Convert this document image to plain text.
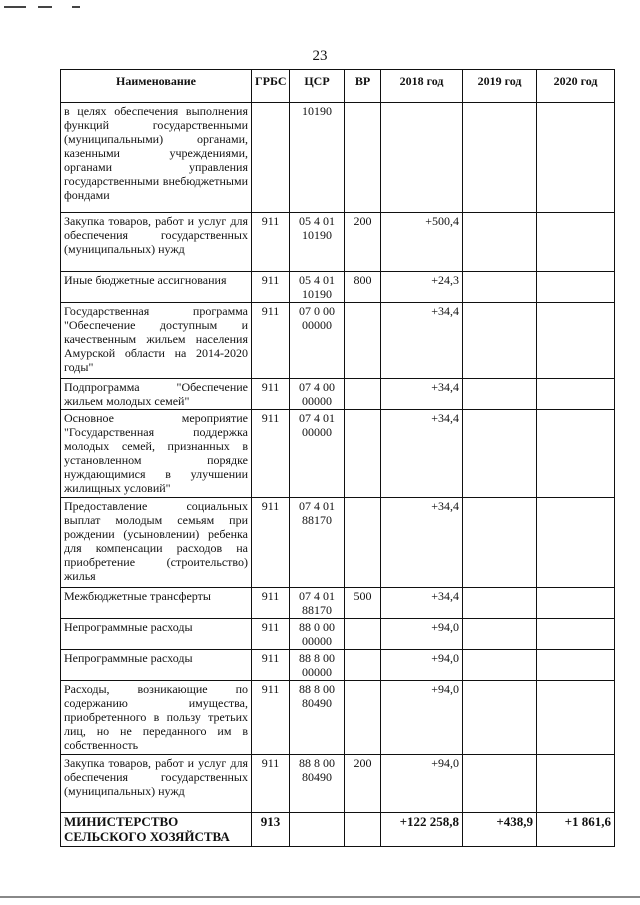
23
Наименование	ГРБС	ЦСР	ВР	2018 год	2019 год	2020 год
в целях обеспечения выполнения функций государственными (муниципальными) органами, казенными учреждениями, органами управления государственными внебюджетными фондами		10190				
Закупка товаров, работ и услуг для обеспечения государственных (муниципальных) нужд	911	05 4 01 10190	200	+500,4		
Иные бюджетные ассигнования	911	05 4 01 10190	800	+24,3		
Государственная программа "Обеспечение доступным и качественным жильем населения Амурской области на 2014-2020 годы"	911	07 0 00 00000		+34,4		
Подпрограмма "Обеспечение жильем молодых семей"	911	07 4 00 00000		+34,4		
Основное мероприятие "Государственная поддержка молодых семей, признанных в установленном порядке нуждающимися в улучшении жилищных условий"	911	07 4 01 00000		+34,4		
Предоставление социальных выплат молодым семьям при рождении (усыновлении) ребенка для компенсации расходов на приобретение (строительство) жилья	911	07 4 01 88170		+34,4		
Межбюджетные трансферты	911	07 4 01 88170	500	+34,4		
Непрограммные расходы	911	88 0 00 00000		+94,0		
Непрограммные расходы	911	88 8 00 00000		+94,0		
Расходы, возникающие по содержанию имущества, приобретенного в пользу третьих лиц, но не переданного им в собственность	911	88 8 00 80490		+94,0		
Закупка товаров, работ и услуг для обеспечения государственных (муниципальных) нужд	911	88 8 00 80490	200	+94,0		
МИНИСТЕРСТВО СЕЛЬСКОГО ХОЗЯЙСТВА	913			+122 258,8	+438,9	+1 861,6
